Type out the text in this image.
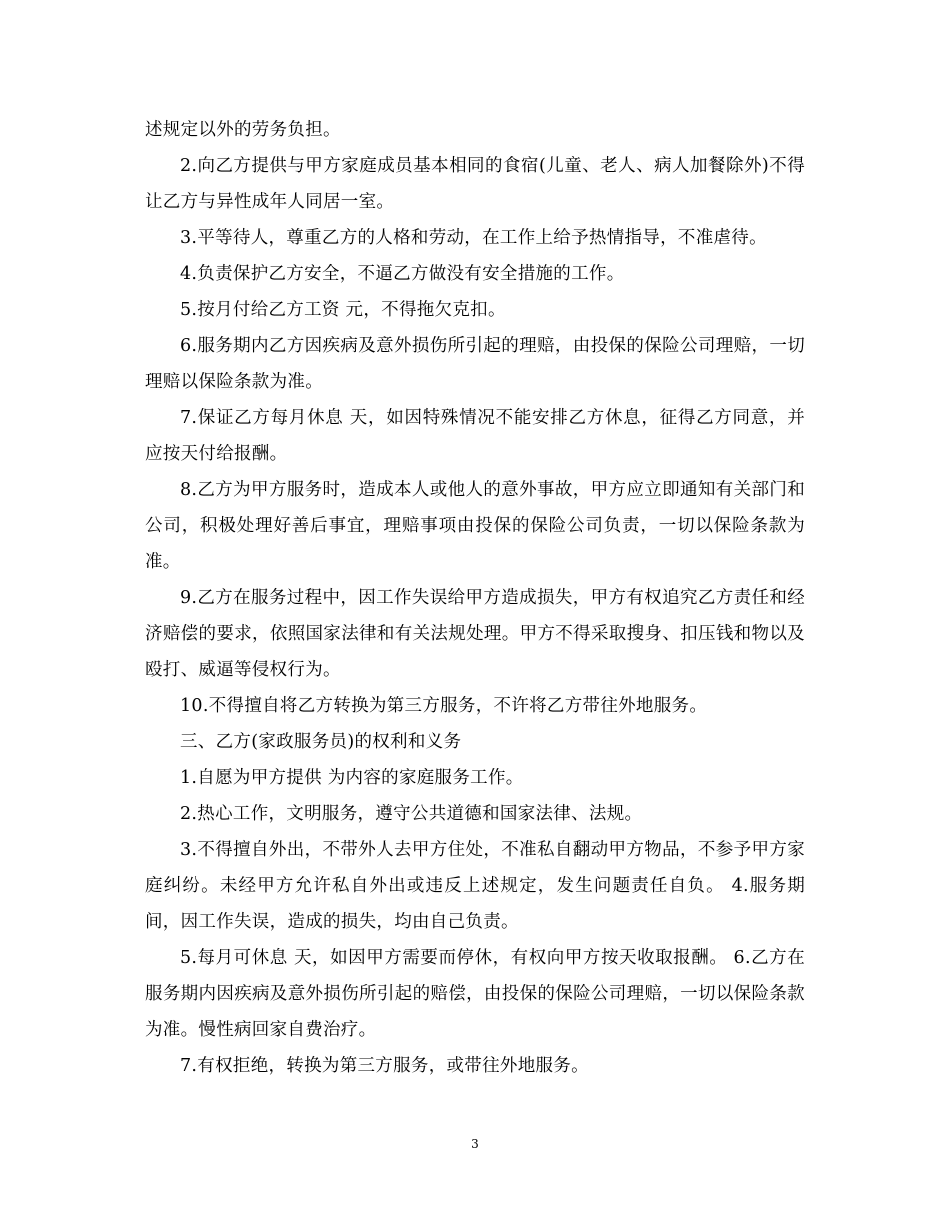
述规定以外的劳务负担。

2.向乙方提供与甲方家庭成员基本相同的食宿(儿童、老人、病人加餐除外)不得让乙方与异性成年人同居一室。

3.平等待人，尊重乙方的人格和劳动，在工作上给予热情指导，不准虐待。

4.负责保护乙方安全，不逼乙方做没有安全措施的工作。

5.按月付给乙方工资 元，不得拖欠克扣。

6.服务期内乙方因疾病及意外损伤所引起的理赔，由投保的保险公司理赔，一切理赔以保险条款为准。

7.保证乙方每月休息 天，如因特殊情况不能安排乙方休息，征得乙方同意，并应按天付给报酬。

8.乙方为甲方服务时，造成本人或他人的意外事故，甲方应立即通知有关部门和公司，积极处理好善后事宜，理赔事项由投保的保险公司负责，一切以保险条款为准。

9.乙方在服务过程中，因工作失误给甲方造成损失，甲方有权追究乙方责任和经济赔偿的要求，依照国家法律和有关法规处理。甲方不得采取搜身、扣压钱和物以及殴打、威逼等侵权行为。

10.不得擅自将乙方转换为第三方服务，不许将乙方带往外地服务。

三、乙方(家政服务员)的权利和义务

1.自愿为甲方提供 为内容的家庭服务工作。

2.热心工作，文明服务，遵守公共道德和国家法律、法规。

3.不得擅自外出，不带外人去甲方住处，不准私自翻动甲方物品，不参予甲方家庭纠纷。未经甲方允许私自外出或违反上述规定，发生问题责任自负。 4.服务期间，因工作失误，造成的损失，均由自己负责。

5.每月可休息 天，如因甲方需要而停休，有权向甲方按天收取报酬。 6.乙方在服务期内因疾病及意外损伤所引起的赔偿，由投保的保险公司理赔，一切以保险条款为准。慢性病回家自费治疗。

7.有权拒绝，转换为第三方服务，或带往外地服务。

3
